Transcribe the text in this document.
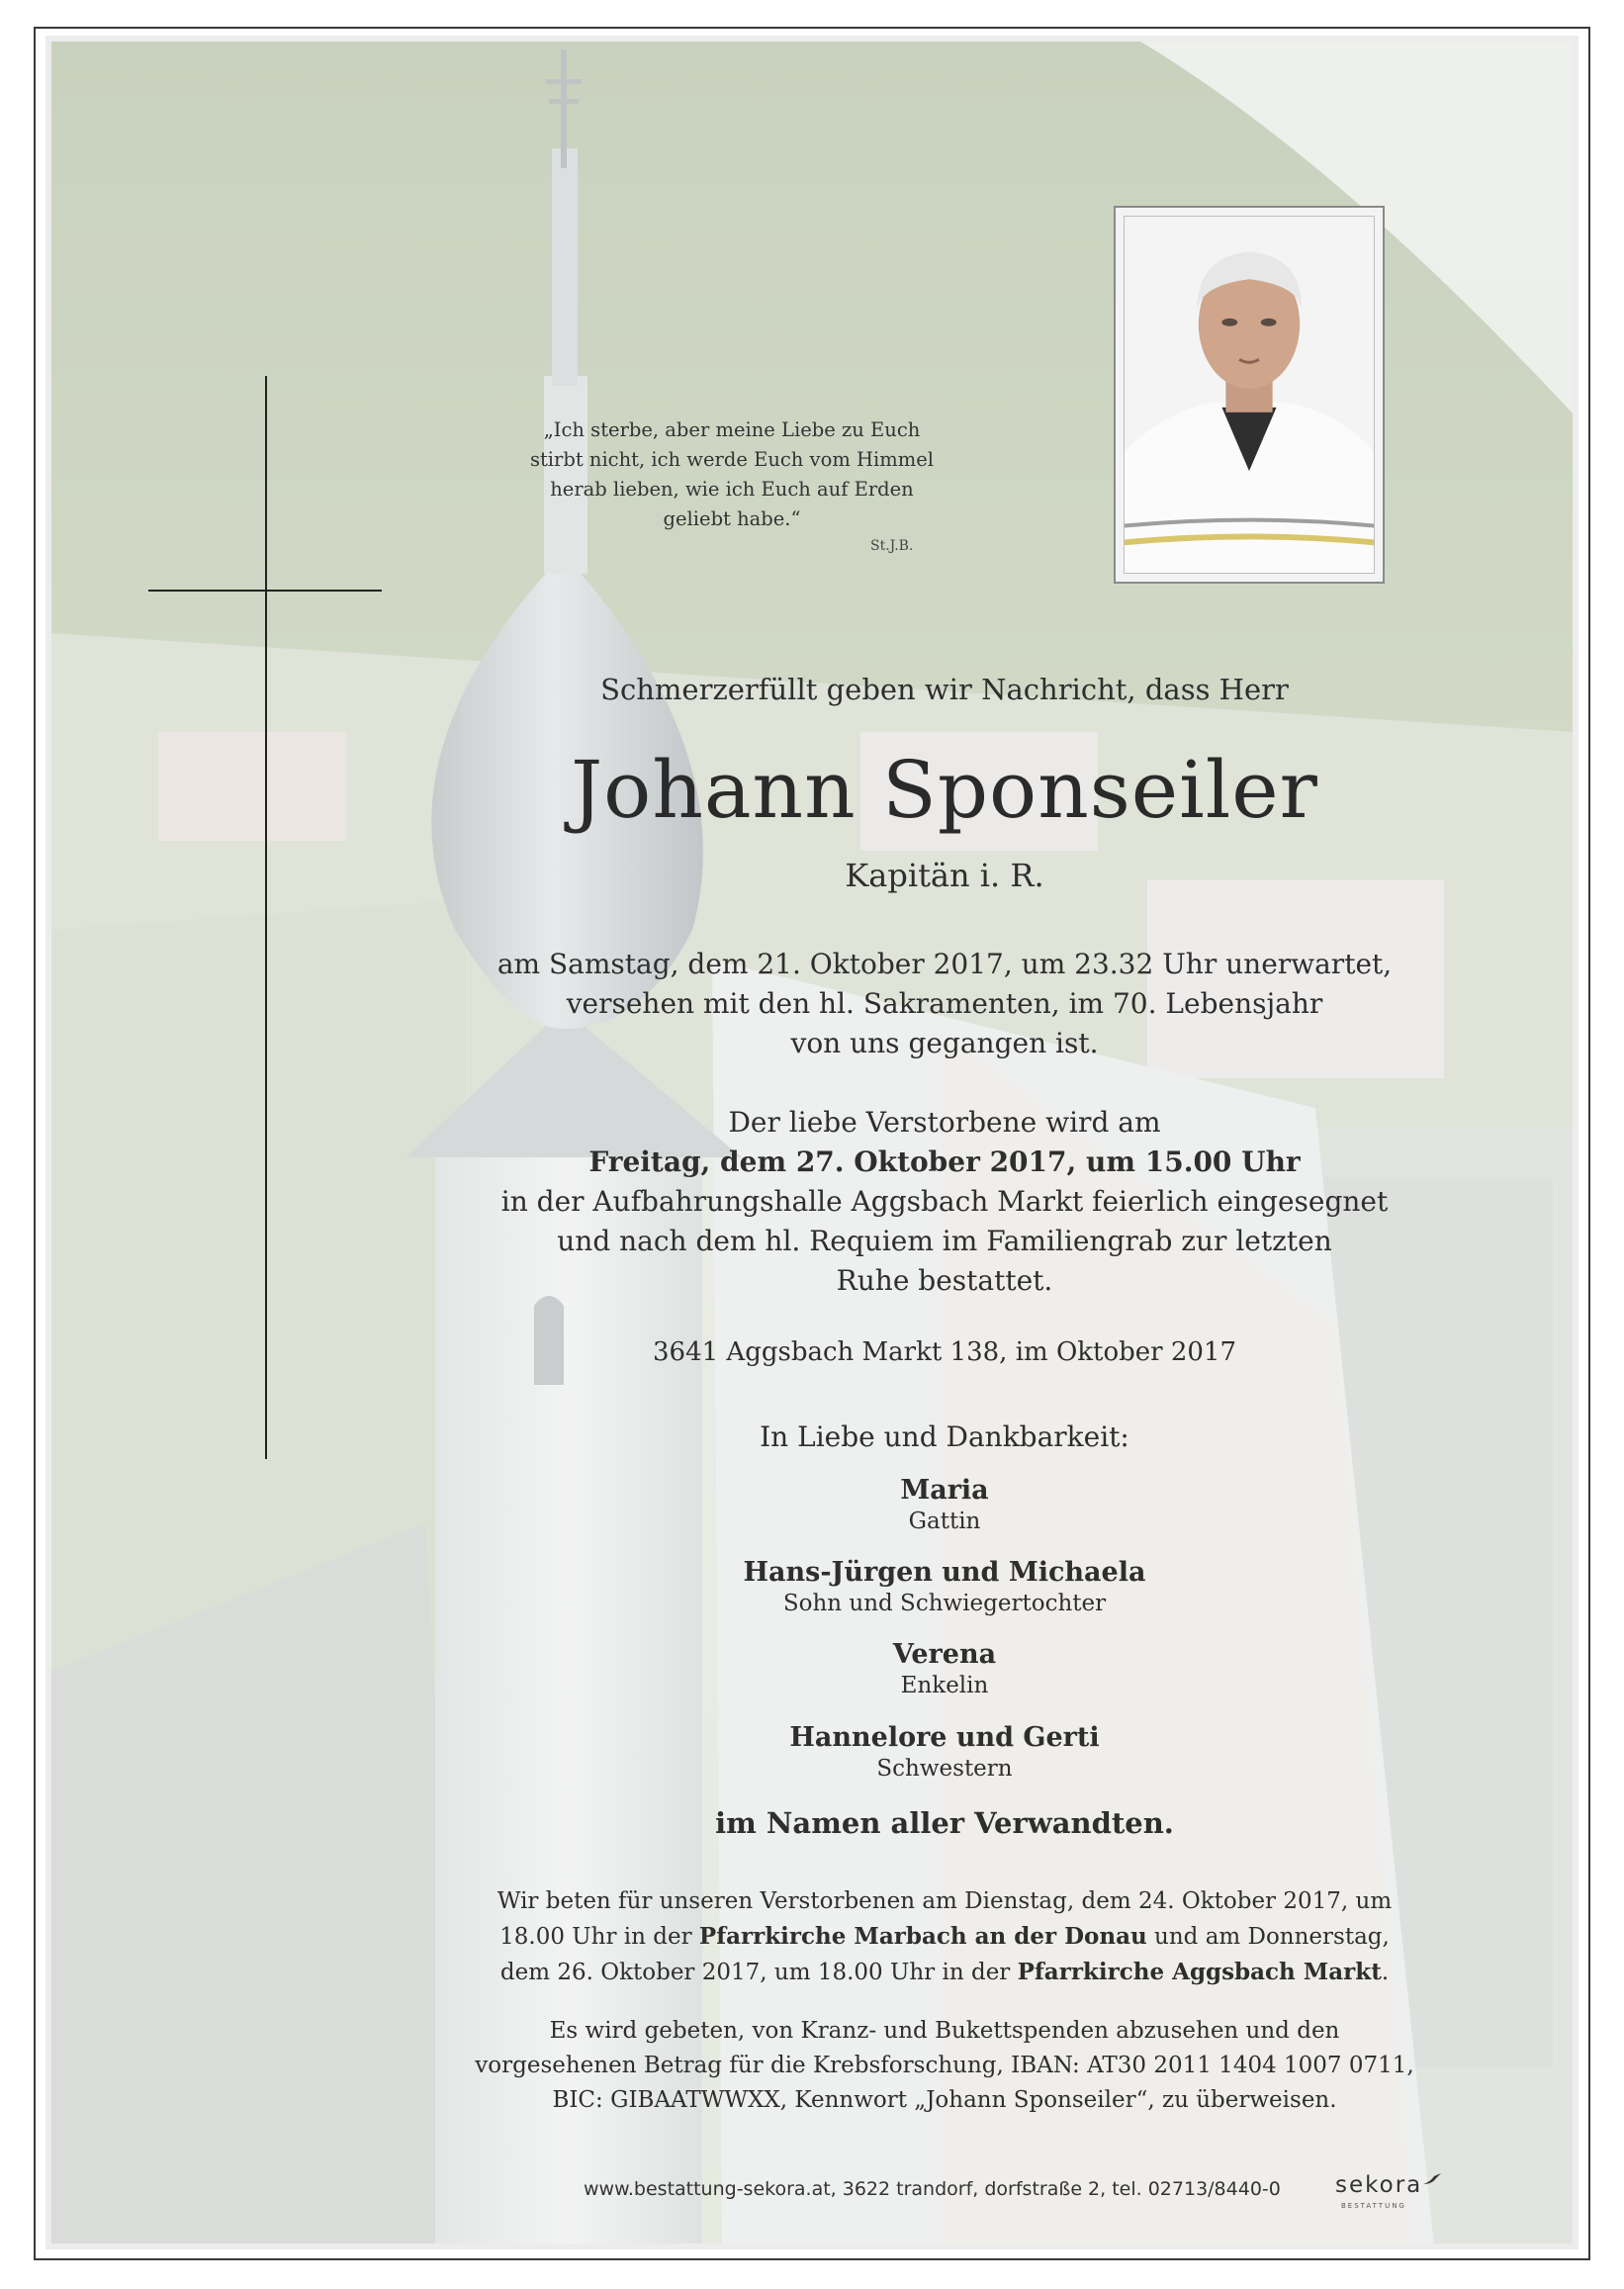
„Ich sterbe, aber meine Liebe zu Euch
stirbt nicht, ich werde Euch vom Himmel
herab lieben, wie ich Euch auf Erden
geliebt habe.“
St.J.B.
Schmerzerfüllt geben wir Nachricht, dass Herr
Johann Sponseiler
Kapitän i. R.
am Samstag, dem 21. Oktober 2017, um 23.32 Uhr unerwartet,
versehen mit den hl. Sakramenten, im 70. Lebensjahr
von uns gegangen ist.
Der liebe Verstorbene wird am
Freitag, dem 27. Oktober 2017, um 15.00 Uhr
in der Aufbahrungshalle Aggsbach Markt feierlich eingesegnet
und nach dem hl. Requiem im Familiengrab zur letzten
Ruhe bestattet.
3641 Aggsbach Markt 138, im Oktober 2017
In Liebe und Dankbarkeit:
Maria
Gattin
Hans-Jürgen und Michaela
Sohn und Schwiegertochter
Verena
Enkelin
Hannelore und Gerti
Schwestern
im Namen aller Verwandten.
Wir beten für unseren Verstorbenen am Dienstag, dem 24. Oktober 2017, um
18.00 Uhr in der Pfarrkirche Marbach an der Donau und am Donnerstag,
dem 26. Oktober 2017, um 18.00 Uhr in der Pfarrkirche Aggsbach Markt.
Es wird gebeten, von Kranz- und Bukettspenden abzusehen und den
vorgesehenen Betrag für die Krebsforschung, IBAN: AT30 2011 1404 1007 0711,
BIC: GIBAATWWXX, Kennwort „Johann Sponseiler“, zu überweisen.
www.bestattung-sekora.at, 3622 trandorf, dorfstraße 2, tel. 02713/8440-0 sekora
BESTATTUNG
